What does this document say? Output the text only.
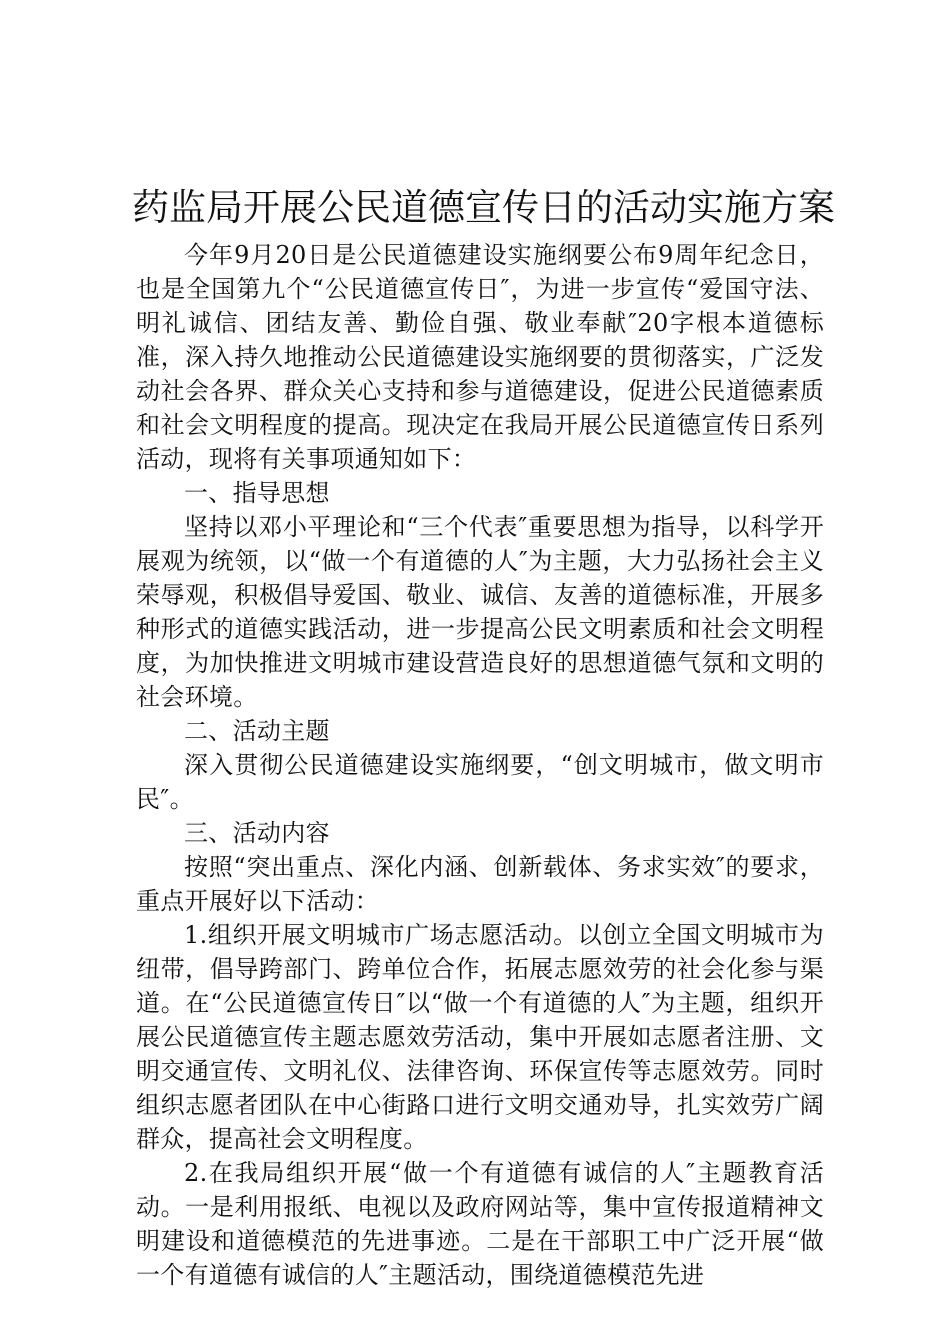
药监局开展公民道德宣传日的活动实施方案

今年9月20日是公民道德建设实施纲要公布9周年纪念日，也是全国第九个“公民道德宣传日″，为进一步宣传“爱国守法、明礼诚信、团结友善、勤俭自强、敬业奉献″20字根本道德标准，深入持久地推动公民道德建设实施纲要的贯彻落实，广泛发动社会各界、群众关心支持和参与道德建设，促进公民道德素质和社会文明程度的提高。现决定在我局开展公民道德宣传日系列活动，现将有关事项通知如下：

一、指导思想

坚持以邓小平理论和“三个代表″重要思想为指导，以科学开展观为统领，以“做一个有道德的人″为主题，大力弘扬社会主义荣辱观，积极倡导爱国、敬业、诚信、友善的道德标准，开展多种形式的道德实践活动，进一步提高公民文明素质和社会文明程度，为加快推进文明城市建设营造良好的思想道德气氛和文明的社会环境。

二、活动主题

深入贯彻公民道德建设实施纲要，“创文明城市，做文明市民″。

三、活动内容

按照“突出重点、深化内涵、创新载体、务求实效″的要求，重点开展好以下活动：

1.组织开展文明城市广场志愿活动。以创立全国文明城市为纽带，倡导跨部门、跨单位合作，拓展志愿效劳的社会化参与渠道。在“公民道德宣传日″以“做一个有道德的人″为主题，组织开展公民道德宣传主题志愿效劳活动，集中开展如志愿者注册、文明交通宣传、文明礼仪、法律咨询、环保宣传等志愿效劳。同时组织志愿者团队在中心街路口进行文明交通劝导，扎实效劳广阔群众，提高社会文明程度。

2.在我局组织开展“做一个有道德有诚信的人″主题教育活动。一是利用报纸、电视以及政府网站等，集中宣传报道精神文明建设和道德模范的先进事迹。二是在干部职工中广泛开展“做一个有道德有诚信的人″主题活动，围绕道德模范先进
